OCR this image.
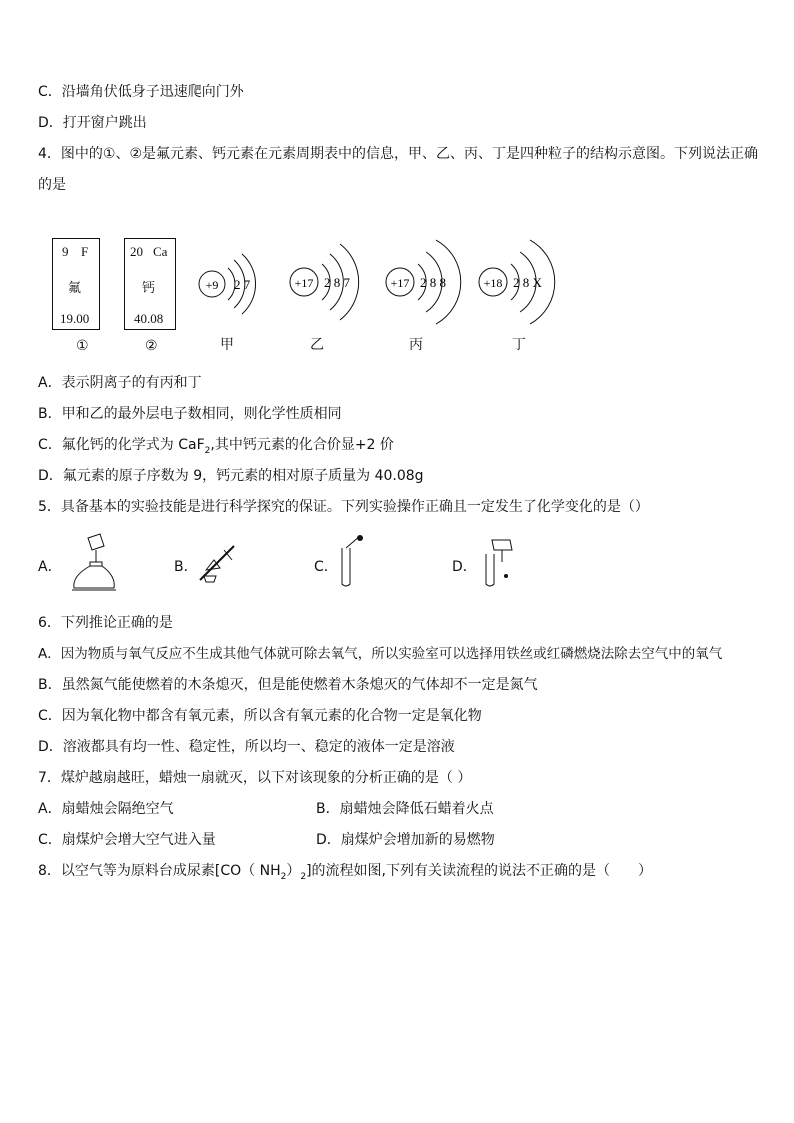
C．沿墙角伏低身子迅速爬向门外
D．打开窗户跳出
4．图中的①、②是氟元素、钙元素在元素周期表中的信息，甲、乙、丙、丁是四种粒子的结构示意图。下列说法正确
的是
9 F
氟
19.00
①
20 Ca
钙
40.08
②
+9 2 7	+17 2 8 7	+17 2 8 8	+18 2 8 X
甲	乙	丙	丁
A．表示阴离子的有丙和丁
B．甲和乙的最外层电子数相同，则化学性质相同
C．氟化钙的化学式为 CaF$_2$,其中钙元素的化合价显+2 价
D．氟元素的原子序数为 9，钙元素的相对原子质量为 40.08g
5．具备基本的实验技能是进行科学探究的保证。下列实验操作正确且一定发生了化学变化的是（）
A．	B．	C．	D．
6．下列推论正确的是
A．因为物质与氧气反应不生成其他气体就可除去氧气，所以实验室可以选择用铁丝或红磷燃烧法除去空气中的氧气
B．虽然氮气能使燃着的木条熄灭，但是能使燃着木条熄灭的气体却不一定是氮气
C．因为氧化物中都含有氧元素，所以含有氧元素的化合物一定是氧化物
D．溶液都具有均一性、稳定性，所以均一、稳定的液体一定是溶液
7．煤炉越扇越旺，蜡烛一扇就灭，以下对该现象的分析正确的是（ ）
A．扇蜡烛会隔绝空气	B．扇蜡烛会降低石蜡着火点
C．扇煤炉会增大空气进入量	D．扇煤炉会增加新的易燃物
8．以空气等为原料台成尿素[CO（ $NH_2)_2$]的流程如图,下列有关读流程的说法不正确的是（　　）
